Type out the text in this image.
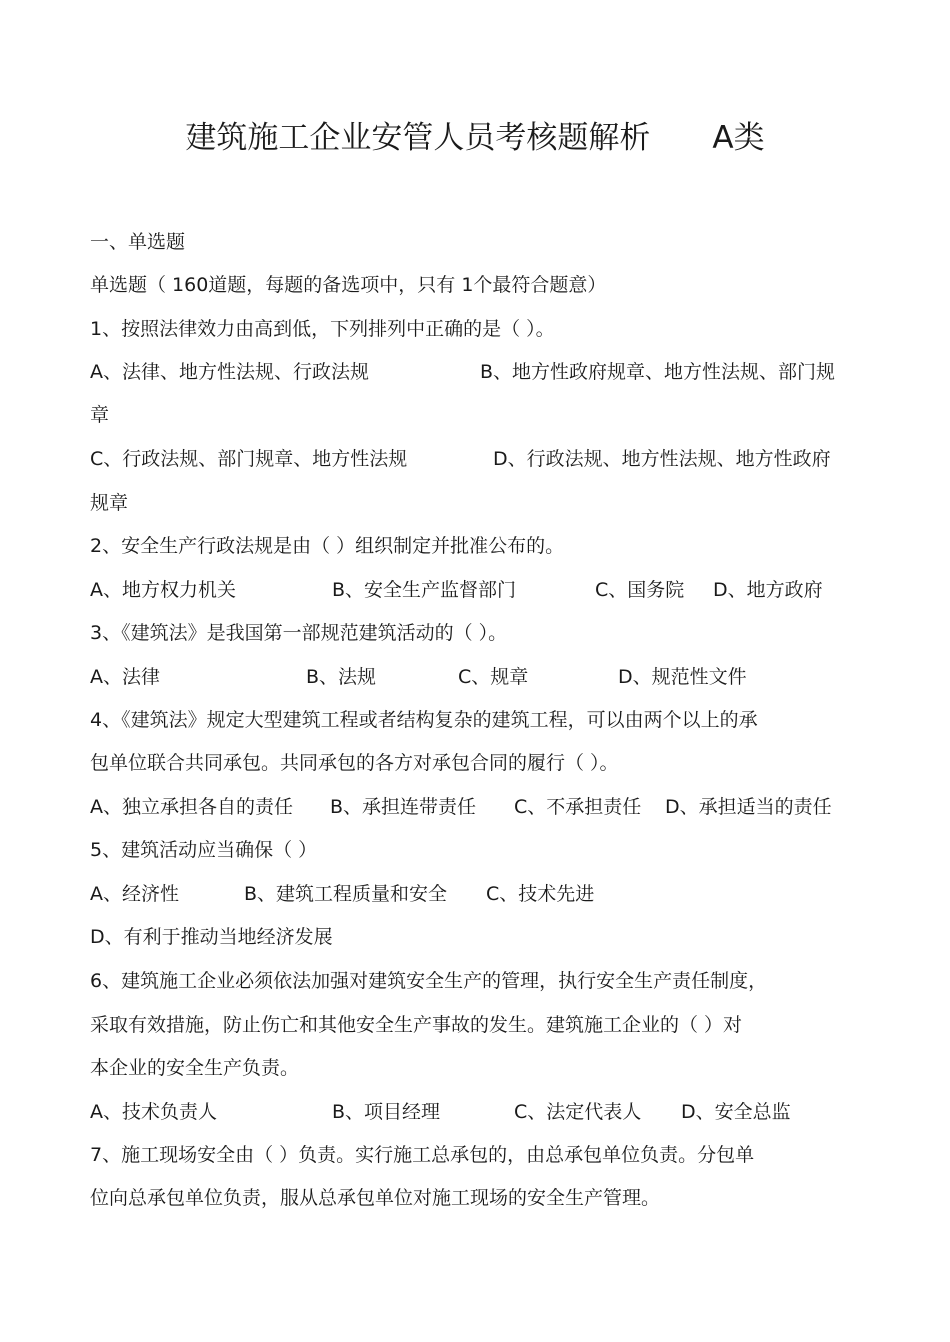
建筑施工企业安管人员考核题解析 A类
一、单选题
单选题（ 160道题，每题的备选项中，只有 1个最符合题意）
1、按照法律效力由高到低，下列排列中正确的是（ ）。
A、法律、地方性法规、行政法规	B、地方性政府规章、地方性法规、部门规
章
C、行政法规、部门规章、地方性法规	D、行政法规、地方性法规、地方性政府
规章
2、安全生产行政法规是由（ ）组织制定并批准公布的。
A、地方权力机关	B、安全生产监督部门	C、国务院 D、地方政府
3、《建筑法》是我国第一部规范建筑活动的（ ）。
A、法律	B、法规	C、规章	D、规范性文件
4、《建筑法》规定大型建筑工程或者结构复杂的建筑工程，可以由两个以上的承
包单位联合共同承包。共同承包的各方对承包合同的履行（ ）。
A、独立承担各自的责任 B、承担连带责任 C、不承担责任 D、承担适当的责任
5、建筑活动应当确保（ ）
A、经济性	B、建筑工程质量和安全 C、技术先进
D、有利于推动当地经济发展
6、建筑施工企业必须依法加强对建筑安全生产的管理，执行安全生产责任制度，
采取有效措施，防止伤亡和其他安全生产事故的发生。建筑施工企业的（ ）对
本企业的安全生产负责。
A、技术负责人	B、项目经理	C、法定代表人 D、安全总监
7、施工现场安全由（ ）负责。实行施工总承包的，由总承包单位负责。分包单
位向总承包单位负责，服从总承包单位对施工现场的安全生产管理。
